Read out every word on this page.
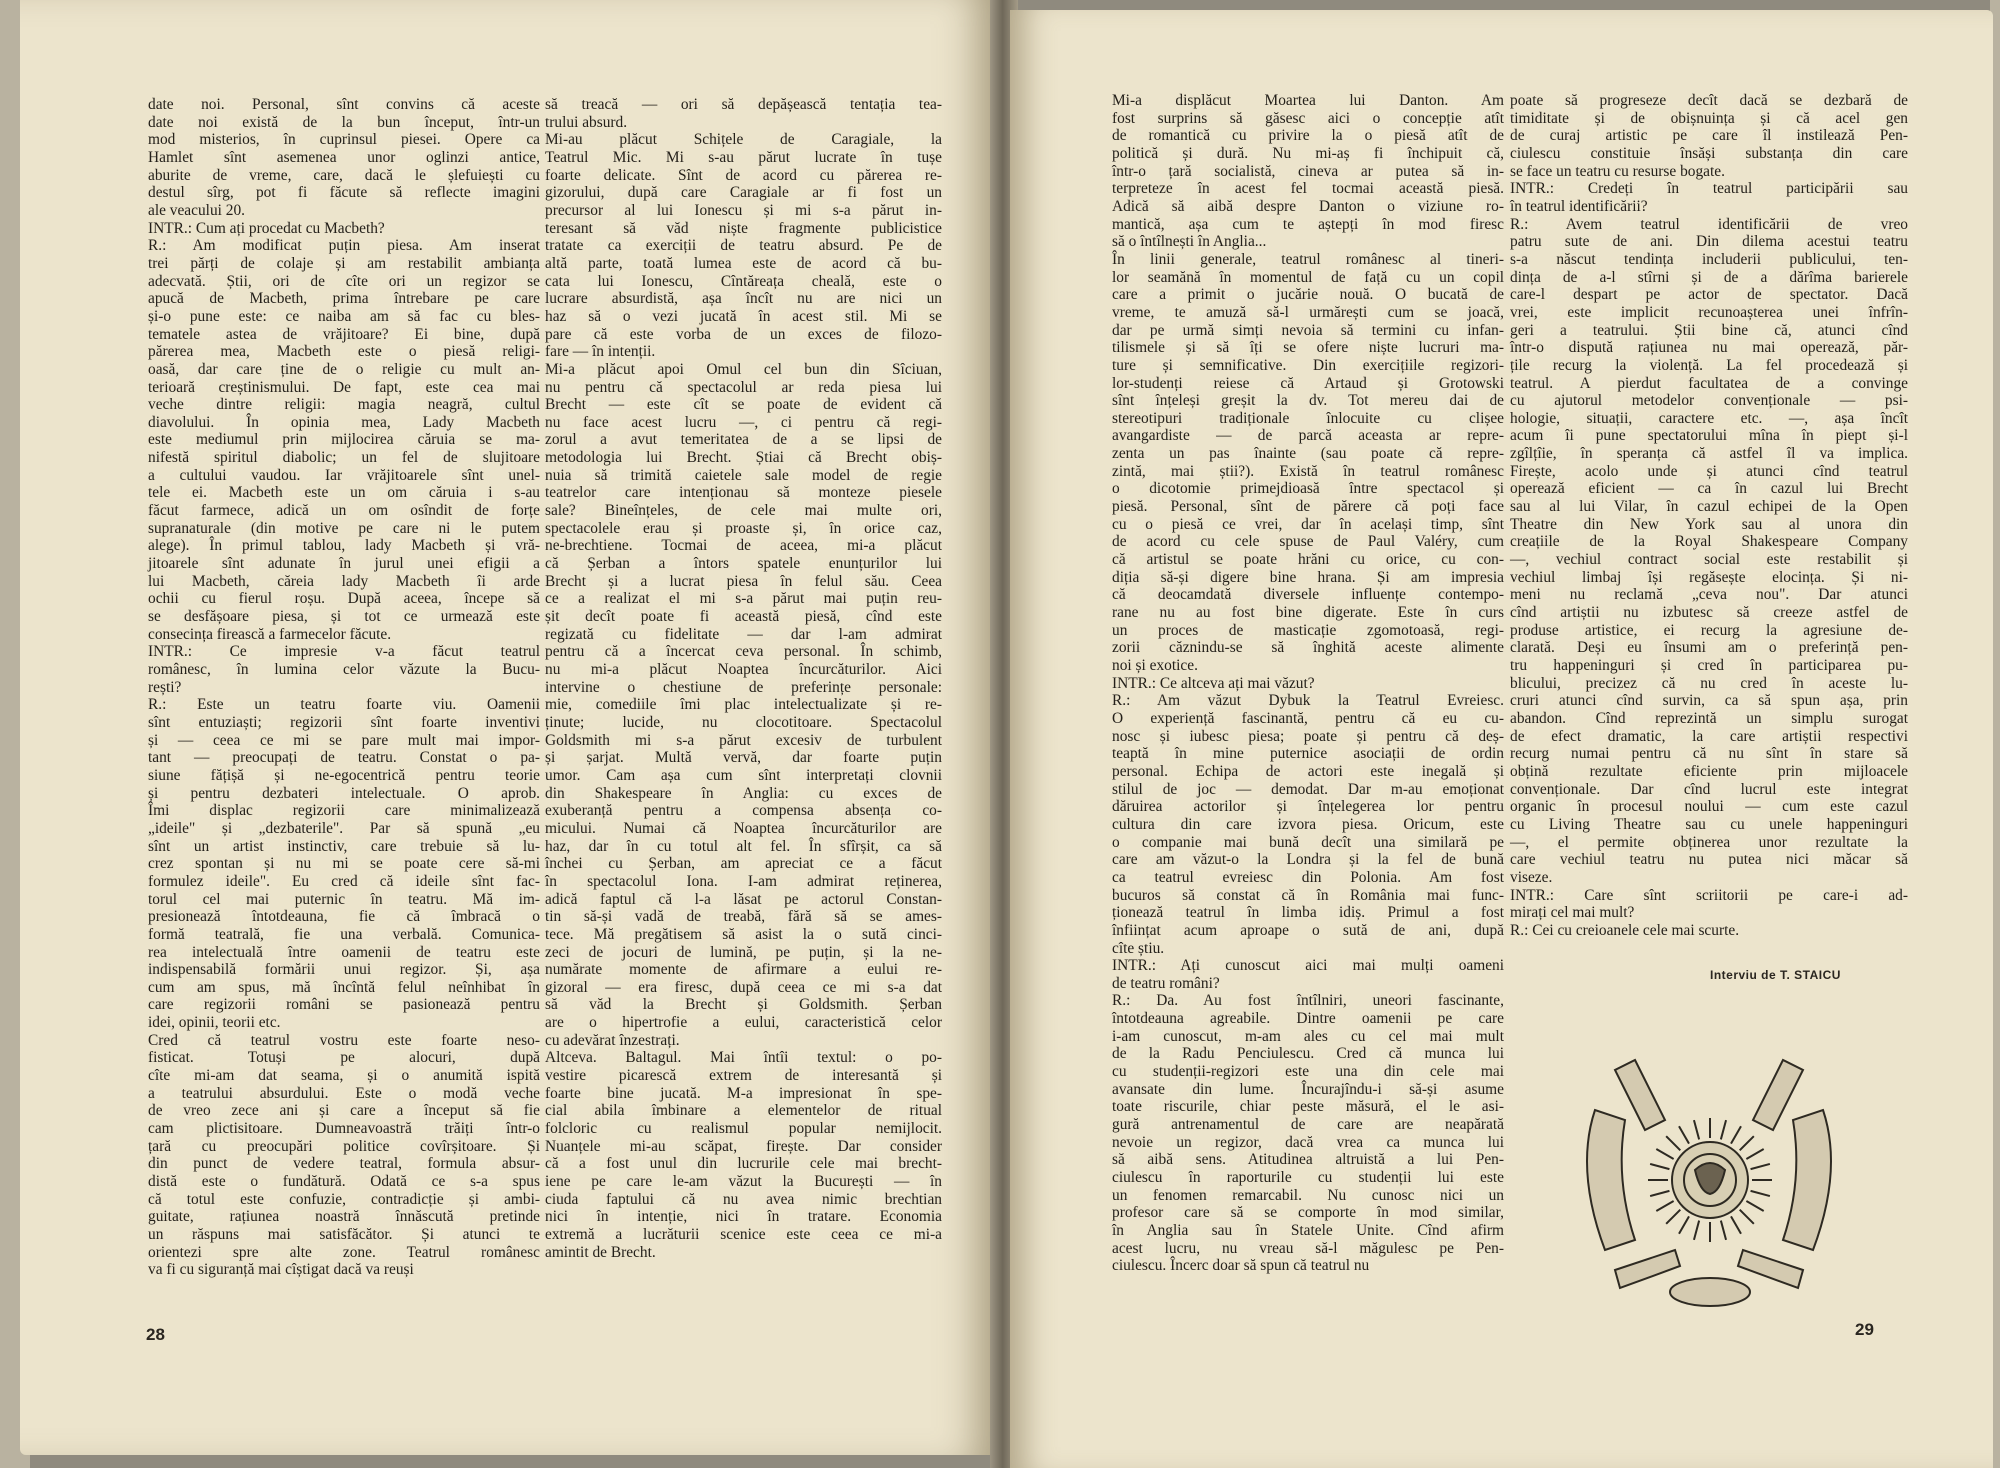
date noi. Personal, sînt convins că aceste
date noi există de la bun început, într-un
mod misterios, în cuprinsul piesei. Opere ca
Hamlet sînt asemenea unor oglinzi antice,
aburite de vreme, care, dacă le șlefuiești cu
destul sîrg, pot fi făcute să reflecte imagini
ale veacului 20.
INTR.: Cum ați procedat cu Macbeth?
R.: Am modificat puțin piesa. Am inserat
trei părți de colaje și am restabilit ambianța
adecvată. Știi, ori de cîte ori un regizor se
apucă de Macbeth, prima întrebare pe care
și-o pune este: ce naiba am să fac cu bles-
tematele astea de vrăjitoare? Ei bine, după
părerea mea, Macbeth este o piesă religi-
oasă, dar care ține de o religie cu mult an-
terioară creștinismului. De fapt, este cea mai
veche dintre religii: magia neagră, cultul
diavolului. În opinia mea, Lady Macbeth
este mediumul prin mijlocirea căruia se ma-
nifestă spiritul diabolic; un fel de slujitoare
a cultului vaudou. Iar vrăjitoarele sînt unel-
tele ei. Macbeth este un om căruia i s-au
făcut farmece, adică un om osîndit de forțe
supranaturale (din motive pe care ni le putem
alege). În primul tablou, lady Macbeth și vră-
jitoarele sînt adunate în jurul unei efigii a
lui Macbeth, căreia lady Macbeth îi arde
ochii cu fierul roșu. După aceea, începe să
se desfășoare piesa, și tot ce urmează este
consecința firească a farmecelor făcute.
INTR.: Ce impresie v-a făcut teatrul
românesc, în lumina celor văzute la Bucu-
rești?
R.: Este un teatru foarte viu. Oamenii
sînt entuziaști; regizorii sînt foarte inventivi
și — ceea ce mi se pare mult mai impor-
tant — preocupați de teatru. Constat o pa-
siune fățișă și ne-egocentrică pentru teorie
și pentru dezbateri intelectuale. O aprob.
Îmi displac regizorii care minimalizează
„ideile" și „dezbaterile". Par să spună „eu
sînt un artist instinctiv, care trebuie să lu-
crez spontan și nu mi se poate cere să-mi
formulez ideile". Eu cred că ideile sînt fac-
torul cel mai puternic în teatru. Mă im-
presionează întotdeauna, fie că îmbracă o
formă teatrală, fie una verbală. Comunica-
rea intelectuală între oamenii de teatru este
indispensabilă formării unui regizor. Și, așa
cum am spus, mă încîntă felul neînhibat în
care regizorii români se pasionează pentru
idei, opinii, teorii etc.
Cred că teatrul vostru este foarte neso-
fisticat. Totuși pe alocuri, după
cîte mi-am dat seama, și o anumită ispită
a teatrului absurdului. Este o modă veche
de vreo zece ani și care a început să fie
cam plictisitoare. Dumneavoastră trăiți într-o
țară cu preocupări politice covîrșitoare. Și
din punct de vedere teatral, formula absur-
distă este o fundătură. Odată ce s-a spus
că totul este confuzie, contradicție și ambi-
guitate, rațiunea noastră înnăscută pretinde
un răspuns mai satisfăcător. Și atunci te
orientezi spre alte zone. Teatrul românesc
va fi cu siguranță mai cîștigat dacă va reuși
să treacă — ori să depășească tentația tea-
trului absurd.
Mi-au plăcut Schițele de Caragiale, la
Teatrul Mic. Mi s-au părut lucrate în tușe
foarte delicate. Sînt de acord cu părerea re-
gizorului, după care Caragiale ar fi fost un
precursor al lui Ionescu și mi s-a părut in-
teresant să văd niște fragmente publicistice
tratate ca exerciții de teatru absurd. Pe de
altă parte, toată lumea este de acord că bu-
cata lui Ionescu, Cîntăreața cheală, este o
lucrare absurdistă, așa încît nu are nici un
haz să o vezi jucată în acest stil. Mi se
pare că este vorba de un exces de filozo-
fare — în intenții.
Mi-a plăcut apoi Omul cel bun din Sîciuan,
nu pentru că spectacolul ar reda piesa lui
Brecht — este cît se poate de evident că
nu face acest lucru —, ci pentru că regi-
zorul a avut temeritatea de a se lipsi de
metodologia lui Brecht. Știai că Brecht obiș-
nuia să trimită caietele sale model de regie
teatrelor care intenționau să monteze piesele
sale? Bineînțeles, de cele mai multe ori,
spectacolele erau și proaste și, în orice caz,
ne-brechtiene. Tocmai de aceea, mi-a plăcut
că Șerban a întors spatele enunțurilor lui
Brecht și a lucrat piesa în felul său. Ceea
ce a realizat el mi s-a părut mai puțin reu-
șit decît poate fi această piesă, cînd este
regizată cu fidelitate — dar l-am admirat
pentru că a încercat ceva personal. În schimb,
nu mi-a plăcut Noaptea încurcăturilor. Aici
intervine o chestiune de preferințe personale:
mie, comediile îmi plac intelectualizate și re-
ținute; lucide, nu clocotitoare. Spectacolul
Goldsmith mi s-a părut excesiv de turbulent
și șarjat. Multă vervă, dar foarte puțin
umor. Cam așa cum sînt interpretați clovnii
din Shakespeare în Anglia: cu exces de
exuberanță pentru a compensa absența co-
micului. Numai că Noaptea încurcăturilor are
haz, dar în cu totul alt fel. În sfîrșit, ca să
închei cu Șerban, am apreciat ce a făcut
în spectacolul Iona. I-am admirat reținerea,
adică faptul că l-a lăsat pe actorul Constan-
tin să-și vadă de treabă, fără să se ames-
tece. Mă pregătisem să asist la o sută cinci-
zeci de jocuri de lumină, pe puțin, și la ne-
numărate momente de afirmare a eului re-
gizoral — era firesc, după ceea ce mi s-a dat
să văd la Brecht și Goldsmith. Șerban
are o hipertrofie a eului, caracteristică celor
cu adevărat înzestrați.
Altceva. Baltagul. Mai întîi textul: o po-
vestire picarescă extrem de interesantă și
foarte bine jucată. M-a impresionat în spe-
cial abila îmbinare a elementelor de ritual
folcloric cu realismul popular nemijlocit.
Nuanțele mi-au scăpat, firește. Dar consider
că a fost unul din lucrurile cele mai brecht-
iene pe care le-am văzut la București — în
ciuda faptului că nu avea nimic brechtian
nici în intenție, nici în tratare. Economia
extremă a lucrăturii scenice este ceea ce mi-a
amintit de Brecht.
28
Mi-a displăcut Moartea lui Danton. Am
fost surprins să găsesc aici o concepție atît
de romantică cu privire la o piesă atît de
politică și dură. Nu mi-aș fi închipuit că,
într-o țară socialistă, cineva ar putea să in-
terpreteze în acest fel tocmai această piesă.
Adică să aibă despre Danton o viziune ro-
mantică, așa cum te aștepți în mod firesc
să o întîlnești în Anglia...
În linii generale, teatrul românesc al tineri-
lor seamănă în momentul de față cu un copil
care a primit o jucărie nouă. O bucată de
vreme, te amuză să-l urmărești cum se joacă,
dar pe urmă simți nevoia să termini cu infan-
tilismele și să îți se ofere niște lucruri ma-
ture și semnificative. Din exercițiile regizori-
lor-studenți reiese că Artaud și Grotowski
sînt înțeleși greșit la dv. Tot mereu dai de
stereotipuri tradiționale înlocuite cu clișee
avangardiste — de parcă aceasta ar repre-
zenta un pas înainte (sau poate că repre-
zintă, mai știi?). Există în teatrul românesc
o dicotomie primejdioasă între spectacol și
piesă. Personal, sînt de părere că poți face
cu o piesă ce vrei, dar în același timp, sînt
de acord cu cele spuse de Paul Valéry, cum
că artistul se poate hrăni cu orice, cu con-
diția să-și digere bine hrana. Și am impresia
că deocamdată diversele influențe contempo-
rane nu au fost bine digerate. Este în curs
un proces de masticație zgomotoasă, regi-
zorii căznindu-se să înghită aceste alimente
noi și exotice.
INTR.: Ce altceva ați mai văzut?
R.: Am văzut Dybuk la Teatrul Evreiesc.
O experiență fascinantă, pentru că eu cu-
nosc și iubesc piesa; poate și pentru că deș-
teaptă în mine puternice asociații de ordin
personal. Echipa de actori este inegală și
stilul de joc — demodat. Dar m-au emoționat
dăruirea actorilor și înțelegerea lor pentru
cultura din care izvora piesa. Oricum, este
o companie mai bună decît una similară pe
care am văzut-o la Londra și la fel de bună
ca teatrul evreiesc din Polonia. Am fost
bucuros să constat că în România mai func-
ționează teatrul în limba idiș. Primul a fost
înființat acum aproape o sută de ani, după
cîte știu.
INTR.: Ați cunoscut aici mai mulți oameni
de teatru români?
R.: Da. Au fost întîlniri, uneori fascinante,
întotdeauna agreabile. Dintre oamenii pe care
i-am cunoscut, m-am ales cu cel mai mult
de la Radu Penciulescu. Cred că munca lui
cu studenții-regizori este una din cele mai
avansate din lume. Încurajîndu-i să-și asume
toate riscurile, chiar peste măsură, el le asi-
gură antrenamentul de care are neapărată
nevoie un regizor, dacă vrea ca munca lui
să aibă sens. Atitudinea altruistă a lui Pen-
ciulescu în raporturile cu studenții lui este
un fenomen remarcabil. Nu cunosc nici un
profesor care să se comporte în mod similar,
în Anglia sau în Statele Unite. Cînd afirm
acest lucru, nu vreau să-l măgulesc pe Pen-
ciulescu. Încerc doar să spun că teatrul nu
poate să progreseze decît dacă se dezbară de
timiditate și de obișnuința și că acel gen
de curaj artistic pe care îl instilează Pen-
ciulescu constituie însăși substanța din care
se face un teatru cu resurse bogate.
INTR.: Credeți în teatrul participării sau
în teatrul identificării?
R.: Avem teatrul identificării de vreo
patru sute de ani. Din dilema acestui teatru
s-a născut tendința includerii publicului, ten-
dința de a-l stîrni și de a dărîma barierele
care-l despart pe actor de spectator. Dacă
vrei, este implicit recunoașterea unei înfrîn-
geri a teatrului. Știi bine că, atunci cînd
într-o dispută rațiunea nu mai operează, păr-
țile recurg la violență. La fel procedează și
teatrul. A pierdut facultatea de a convinge
cu ajutorul metodelor convenționale — psi-
hologie, situații, caractere etc. —, așa încît
acum îi pune spectatorului mîna în piept și-l
zgîlțîie, în speranța că astfel îl va implica.
Firește, acolo unde și atunci cînd teatrul
operează eficient — ca în cazul lui Brecht
sau al lui Vilar, în cazul echipei de la Open
Theatre din New York sau al unora din
creațiile de la Royal Shakespeare Company
—, vechiul contract social este restabilit și
vechiul limbaj își regăsește elocința. Și ni-
meni nu reclamă „ceva nou". Dar atunci
cînd artiștii nu izbutesc să creeze astfel de
produse artistice, ei recurg la agresiune de-
clarată. Deși eu însumi am o preferință pen-
tru happeninguri și cred în participarea pu-
blicului, precizez că nu cred în aceste lu-
cruri atunci cînd survin, ca să spun așa, prin
abandon. Cînd reprezintă un simplu surogat
de efect dramatic, la care artiștii respectivi
recurg numai pentru că nu sînt în stare să
obțină rezultate eficiente prin mijloacele
convenționale. Dar cînd lucrul este integrat
organic în procesul noului — cum este cazul
cu Living Theatre sau cu unele happeninguri
—, el permite obținerea unor rezultate la
care vechiul teatru nu putea nici măcar să
viseze.
INTR.: Care sînt scriitorii pe care-i ad-
mirați cel mai mult?
R.: Cei cu creioanele cele mai scurte.
Interviu de T. STAICU
29
